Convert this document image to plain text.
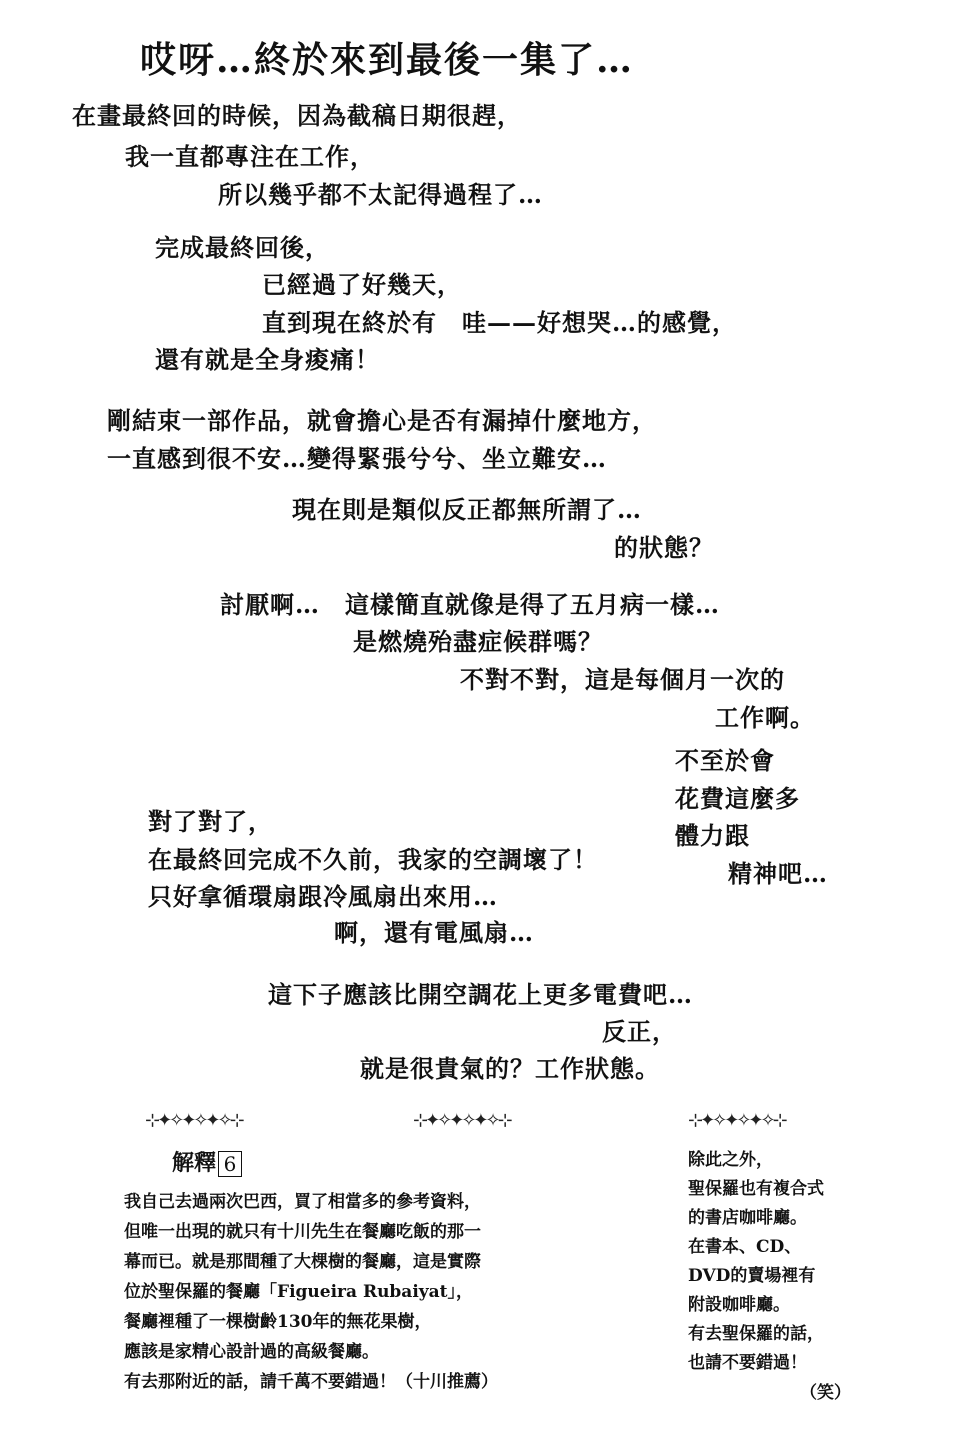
哎呀…終於來到最後一集了…
在畫最終回的時候，因為截稿日期很趕，
我一直都專注在工作，
所以幾乎都不太記得過程了…
完成最終回後，
已經過了好幾天，
直到現在終於有　哇——好想哭…的感覺，
還有就是全身痠痛！
剛結束一部作品，就會擔心是否有漏掉什麼地方，
一直感到很不安…變得緊張兮兮、坐立難安…
現在則是類似反正都無所謂了…
的狀態？
討厭啊…　這樣簡直就像是得了五月病一樣…
是燃燒殆盡症候群嗎？
不對不對，這是每個月一次的
工作啊。
不至於會
花費這麼多
體力跟
精神吧…
對了對了，
在最終回完成不久前，我家的空調壞了！
只好拿循環扇跟冷風扇出來用…
啊，還有電風扇…
這下子應該比開空調花上更多電費吧…
反正，
就是很貴氣的？工作狀態。
⊹✦✧✦✧✦✧⊹	⊹✦✧✦✧✦✧⊹	⊹✦✧✦✧✦✧⊹
解釋 6
我自己去過兩次巴西，買了相當多的參考資料，
但唯一出現的就只有十川先生在餐廳吃飯的那一
幕而已。就是那間種了大棵樹的餐廳，這是實際
位於聖保羅的餐廳「Figueira Rubaiyat」，
餐廳裡種了一棵樹齡130年的無花果樹，
應該是家精心設計過的高級餐廳。
有去那附近的話，請千萬不要錯過！（十川推薦）
除此之外，
聖保羅也有複合式
的書店咖啡廳。
在書本、CD、
DVD的賣場裡有
附設咖啡廳。
有去聖保羅的話，
也請不要錯過！
（笑）
